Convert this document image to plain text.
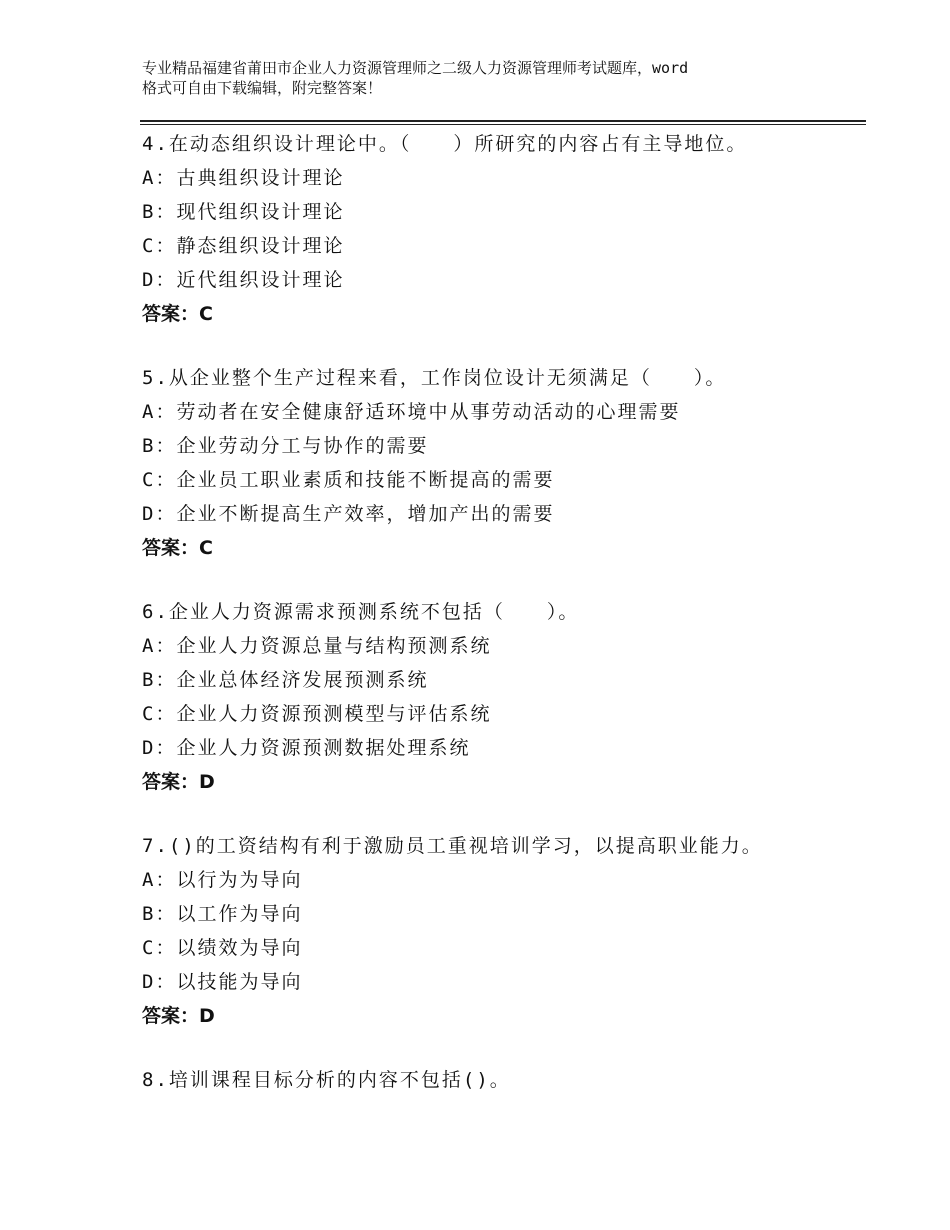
专业精品福建省莆田市企业人力资源管理师之二级人力资源管理师考试题库，word
格式可自由下载编辑，附完整答案！
4.在动态组织设计理论中。（　　）所研究的内容占有主导地位。
A：古典组织设计理论
B：现代组织设计理论
C：静态组织设计理论
D：近代组织设计理论
答案：C
5.从企业整个生产过程来看，工作岗位设计无须满足（　　）。
A：劳动者在安全健康舒适环境中从事劳动活动的心理需要
B：企业劳动分工与协作的需要
C：企业员工职业素质和技能不断提高的需要
D：企业不断提高生产效率，增加产出的需要
答案：C
6.企业人力资源需求预测系统不包括（　　）。
A：企业人力资源总量与结构预测系统
B：企业总体经济发展预测系统
C：企业人力资源预测模型与评估系统
D：企业人力资源预测数据处理系统
答案：D
7.()的工资结构有利于激励员工重视培训学习，以提高职业能力。
A：以行为为导向
B：以工作为导向
C：以绩效为导向
D：以技能为导向
答案：D
8.培训课程目标分析的内容不包括()。
